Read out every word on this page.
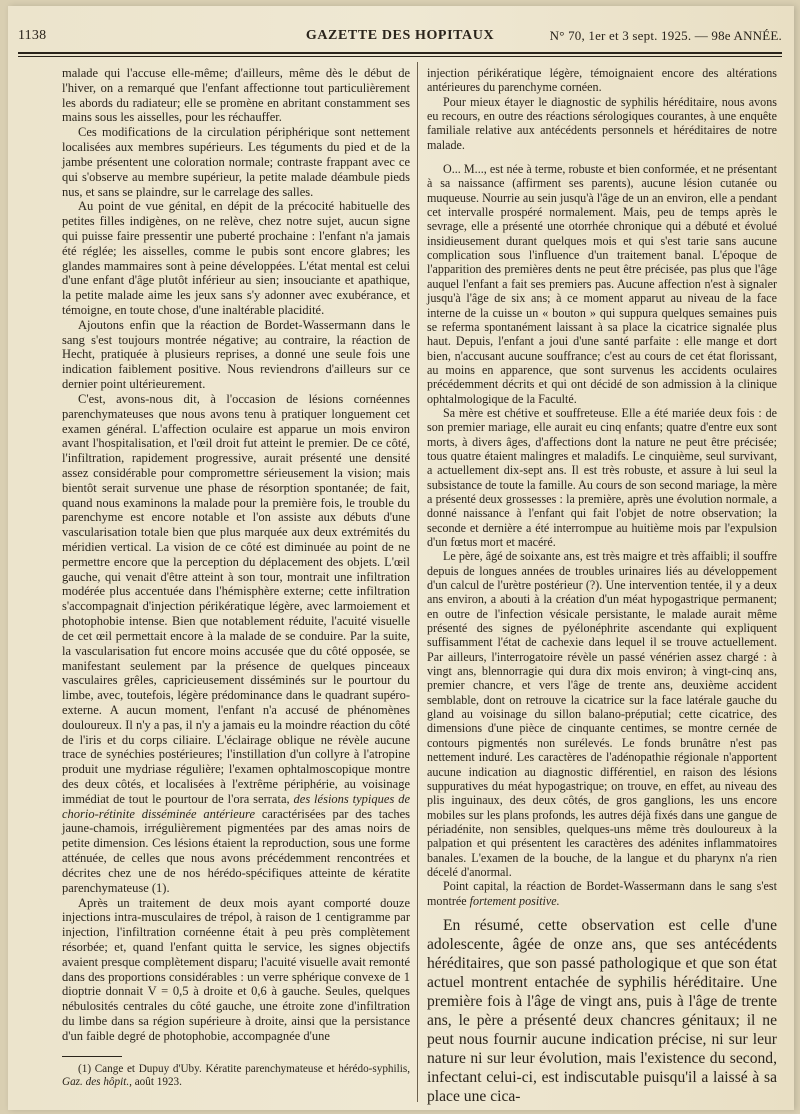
GAZETTE DES HOPITAUX
1138	N° 70, 1er et 3 sept. 1925. — 98e ANNÉE.

malade qui l'accuse elle-même; d'ailleurs, même dès le début de l'hiver, on a remarqué que l'enfant affectionne tout particulièrement les abords du radiateur; elle se promène en abritant constamment ses mains sous les aisselles, pour les réchauffer.

Ces modifications de la circulation périphérique sont nettement localisées aux membres supérieurs. Les téguments du pied et de la jambe présentent une coloration normale; contraste frappant avec ce qui s'observe au membre supérieur, la petite malade déambule pieds nus, et sans se plaindre, sur le carrelage des salles.

Au point de vue génital, en dépit de la précocité habituelle des petites filles indigènes, on ne relève, chez notre sujet, aucun signe qui puisse faire pressentir une puberté prochaine : l'enfant n'a jamais été réglée; les aisselles, comme le pubis sont encore glabres; les glandes mammaires sont à peine développées. L'état mental est celui d'une enfant d'âge plutôt inférieur au sien; insouciante et apathique, la petite malade aime les jeux sans s'y adonner avec exubérance, et témoigne, en toute chose, d'une inaltérable placidité.

Ajoutons enfin que la réaction de Bordet-Wassermann dans le sang s'est toujours montrée négative; au contraire, la réaction de Hecht, pratiquée à plusieurs reprises, a donné une seule fois une indication faiblement positive. Nous reviendrons d'ailleurs sur ce dernier point ultérieurement.

C'est, avons-nous dit, à l'occasion de lésions cornéennes parenchymateuses que nous avons tenu à pratiquer longuement cet examen général. L'affection oculaire est apparue un mois environ avant l'hospitalisation, et l'œil droit fut atteint le premier. De ce côté, l'infiltration, rapidement progressive, aurait présenté une densité assez considérable pour compromettre sérieusement la vision; mais bientôt serait survenue une phase de résorption spontanée; de fait, quand nous examinons la malade pour la première fois, le trouble du parenchyme est encore notable et l'on assiste aux débuts d'une vascularisation totale bien que plus marquée aux deux extrémités du méridien vertical. La vision de ce côté est diminuée au point de ne permettre encore que la perception du déplacement des objets. L'œil gauche, qui venait d'être atteint à son tour, montrait une infiltration modérée plus accentuée dans l'hémisphère externe; cette infiltration s'accompagnait d'injection périkératique légère, avec larmoiement et photophobie intense. Bien que notablement réduite, l'acuité visuelle de cet œil permettait encore à la malade de se conduire. Par la suite, la vascularisation fut encore moins accusée que du côté opposée, se manifestant seulement par la présence de quelques pinceaux vasculaires grêles, capricieusement disséminés sur le pourtour du limbe, avec, toutefois, légère prédominance dans le quadrant supéro-externe. A aucun moment, l'enfant n'a accusé de phénomènes douloureux. Il n'y a pas, il n'y a jamais eu la moindre réaction du côté de l'iris et du corps ciliaire. L'éclairage oblique ne révèle aucune trace de synéchies postérieures; l'instillation d'un collyre à l'atropine produit une mydriase régulière; l'examen ophtalmoscopique montre des deux côtés, et localisées à l'extrême périphérie, au voisinage immédiat de tout le pourtour de l'ora serrata, des lésions typiques de chorio-rétinite disséminée antérieure caractérisées par des taches jaune-chamois, irrégulièrement pigmentées par des amas noirs de petite dimension. Ces lésions étaient la reproduction, sous une forme atténuée, de celles que nous avons précédemment rencontrées et décrites chez une de nos hérédo-spécifiques atteinte de kératite parenchymateuse (1).

Après un traitement de deux mois ayant comporté douze injections intra-musculaires de trépol, à raison de 1 centigramme par injection, l'infiltration cornéenne était à peu près complètement résorbée; et, quand l'enfant quitta le service, les signes objectifs avaient presque complètement disparu; l'acuité visuelle avait remonté dans des proportions considérables : un verre sphérique convexe de 1 dioptrie donnait V = 0,5 à droite et 0,6 à gauche. Seules, quelques nébulosités centrales du côté gauche, une étroite zone d'infiltration du limbe dans sa région supérieure à droite, ainsi que la persistance d'un faible degré de photophobie, accompagnée d'une

(1) Cange et Dupuy d'Uby. Kératite parenchymateuse et hérédo-syphilis, Gaz. des hôpit., août 1923.

injection périkératique légère, témoignaient encore des altérations antérieures du parenchyme cornéen.

Pour mieux étayer le diagnostic de syphilis héréditaire, nous avons eu recours, en outre des réactions sérologiques courantes, à une enquête familiale relative aux antécédents personnels et héréditaires de notre malade.

O... M..., est née à terme, robuste et bien conformée, et ne présentant à sa naissance (affirment ses parents), aucune lésion cutanée ou muqueuse. Nourrie au sein jusqu'à l'âge de un an environ, elle a pendant cet intervalle prospéré normalement. Mais, peu de temps après le sevrage, elle a présenté une otorrhée chronique qui a débuté et évolué insidieusement durant quelques mois et qui s'est tarie sans aucune complication sous l'influence d'un traitement banal. L'époque de l'apparition des premières dents ne peut être précisée, pas plus que l'âge auquel l'enfant a fait ses premiers pas. Aucune affection n'est à signaler jusqu'à l'âge de six ans; à ce moment apparut au niveau de la face interne de la cuisse un « bouton » qui suppura quelques semaines puis se referma spontanément laissant à sa place la cicatrice signalée plus haut. Depuis, l'enfant a joui d'une santé parfaite : elle mange et dort bien, n'accusant aucune souffrance; c'est au cours de cet état florissant, au moins en apparence, que sont survenus les accidents oculaires précédemment décrits et qui ont décidé de son admission à la clinique ophtalmologique de la Faculté.

Sa mère est chétive et souffreteuse. Elle a été mariée deux fois : de son premier mariage, elle aurait eu cinq enfants; quatre d'entre eux sont morts, à divers âges, d'affections dont la nature ne peut être précisée; tous quatre étaient malingres et maladifs. Le cinquième, seul survivant, a actuellement dix-sept ans. Il est très robuste, et assure à lui seul la subsistance de toute la famille. Au cours de son second mariage, la mère a présenté deux grossesses : la première, après une évolution normale, a donné naissance à l'enfant qui fait l'objet de notre observation; la seconde et dernière a été interrompue au huitième mois par l'expulsion d'un fœtus mort et macéré.

Le père, âgé de soixante ans, est très maigre et très affaibli; il souffre depuis de longues années de troubles urinaires liés au développement d'un calcul de l'urètre postérieur (?). Une intervention tentée, il y a deux ans environ, a abouti à la création d'un méat hypogastrique permanent; en outre de l'infection vésicale persistante, le malade aurait même présenté des signes de pyélonéphrite ascendante qui expliquent suffisamment l'état de cachexie dans lequel il se trouve actuellement. Par ailleurs, l'interrogatoire révèle un passé vénérien assez chargé : à vingt ans, blennorragie qui dura dix mois environ; à vingt-cinq ans, premier chancre, et vers l'âge de trente ans, deuxième accident semblable, dont on retrouve la cicatrice sur la face latérale gauche du gland au voisinage du sillon balano-préputial; cette cicatrice, des dimensions d'une pièce de cinquante centimes, se montre cernée de contours pigmentés non surélevés. Le fonds brunâtre n'est pas nettement induré. Les caractères de l'adénopathie régionale n'apportent aucune indication au diagnostic différentiel, en raison des lésions suppuratives du méat hypogastrique; on trouve, en effet, au niveau des plis inguinaux, des deux côtés, de gros ganglions, les uns encore mobiles sur les plans profonds, les autres déjà fixés dans une gangue de périadénite, non sensibles, quelques-uns même très douloureux à la palpation et qui présentent les caractères des adénites inflammatoires banales. L'examen de la bouche, de la langue et du pharynx n'a rien décelé d'anormal.

Point capital, la réaction de Bordet-Wassermann dans le sang s'est montrée fortement positive.

En résumé, cette observation est celle d'une adolescente, âgée de onze ans, que ses antécédents héréditaires, que son passé pathologique et que son état actuel montrent entachée de syphilis héréditaire. Une première fois à l'âge de vingt ans, puis à l'âge de trente ans, le père a présenté deux chancres génitaux; il ne peut nous fournir aucune indication précise, ni sur leur nature ni sur leur évolution, mais l'existence du second, infectant celui-ci, est indiscutable puisqu'il a laissé à sa place une cica-
